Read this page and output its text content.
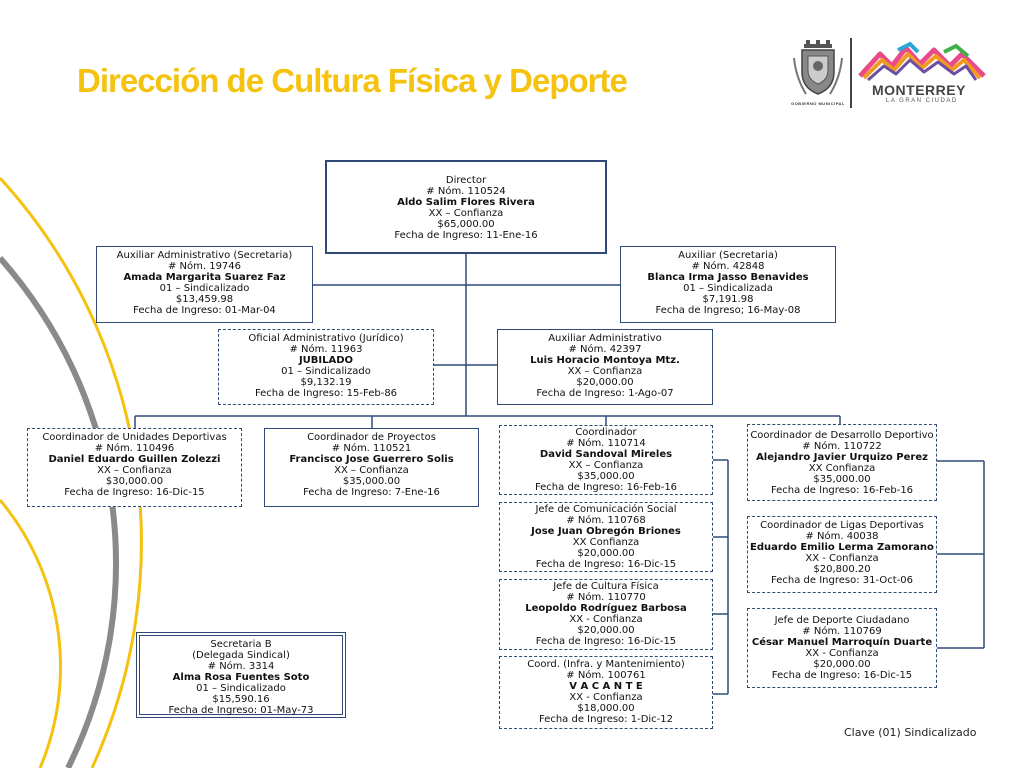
Dirección de Cultura Física y Deporte
GOBIERNO MUNICIPAL
MONTERREY
LA GRAN CIUDAD
Director
# Nóm. 110524
Aldo Salim Flores Rivera
XX – Confianza
$65,000.00
Fecha de Ingreso: 11-Ene-16
Auxiliar Administrativo (Secretaria)
# Nóm. 19746
Amada Margarita Suarez Faz
01 – Sindicalizado
$13,459.98
Fecha de Ingreso: 01-Mar-04
Auxiliar (Secretaria)
# Nóm. 42848
Blanca Irma Jasso Benavides
01 – Sindicalizada
$7,191.98
Fecha de Ingreso; 16-May-08
Oficial Administrativo (Jurídico)
# Nóm. 11963
JUBILADO
01 – Sindicalizado
$9,132.19
Fecha de Ingreso: 15-Feb-86
Auxiliar Administrativo
# Nóm. 42397
Luis Horacio Montoya Mtz.
XX – Confianza
$20,000.00
Fecha de Ingreso: 1-Ago-07
Coordinador de Unidades Deportivas
# Nóm. 110496
Daniel Eduardo Guillen Zolezzi
XX – Confianza
$30,000.00
Fecha de Ingreso: 16-Dic-15
Coordinador de Proyectos
# Nóm. 110521
Francisco Jose Guerrero Solis
XX – Confianza
$35,000.00
Fecha de Ingreso: 7-Ene-16
Coordinador
# Nóm. 110714
David Sandoval Mireles
XX – Confianza
$35,000.00
Fecha de Ingreso: 16-Feb-16
Jefe de Comunicación Social
# Nóm. 110768
Jose Juan Obregón Briones
XX Confianza
$20,000.00
Fecha de Ingreso: 16-Dic-15
Jefe de Cultura Física
# Nóm. 110770
Leopoldo Rodríguez Barbosa
XX - Confianza
$20,000.00
Fecha de Ingreso: 16-Dic-15
Coord. (Infra. y Mantenimiento)
# Nóm. 100761
V A C A N T E
XX - Confianza
$18,000.00
Fecha de Ingreso: 1-Dic-12
Coordinador de Desarrollo Deportivo
# Nóm. 110722
Alejandro Javier Urquizo Perez
XX Confianza
$35,000.00
Fecha de Ingreso: 16-Feb-16
Coordinador de Ligas Deportivas
# Nóm. 40038
Eduardo Emilio Lerma Zamorano
XX - Confianza
$20,800.20
Fecha de Ingreso: 31-Oct-06
Jefe de Deporte Ciudadano
# Nóm. 110769
César Manuel Marroquín Duarte
XX - Confianza
$20,000.00
Fecha de Ingreso: 16-Dic-15
Secretaria B
(Delegada Sindical)
# Nóm. 3314
Alma Rosa Fuentes Soto
01 – Sindicalizado
$15,590.16
Fecha de Ingreso: 01-May-73
Clave (01) Sindicalizado
